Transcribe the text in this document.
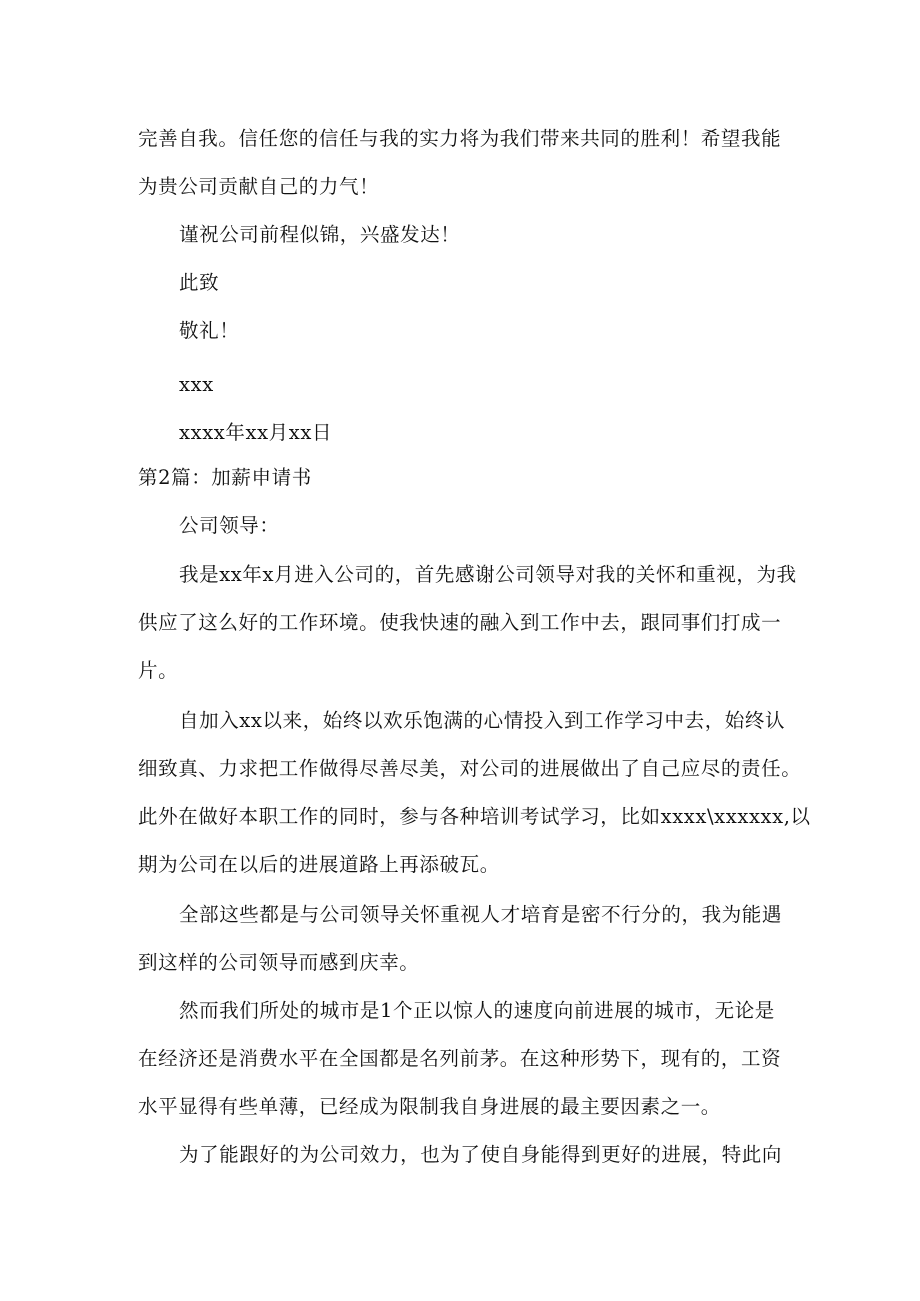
完善自我。信任您的信任与我的实力将为我们带来共同的胜利！希望我能
为贵公司贡献自己的力气！
谨祝公司前程似锦，兴盛发达！
此致
敬礼！
xxx
xxxx年xx月xx日
第2篇：加薪申请书
公司领导：
我是xx年x月进入公司的，首先感谢公司领导对我的关怀和重视，为我
供应了这么好的工作环境。使我快速的融入到工作中去，跟同事们打成一
片。
自加入xx以来，始终以欢乐饱满的心情投入到工作学习中去，始终认
细致真、力求把工作做得尽善尽美，对公司的进展做出了自己应尽的责任。
此外在做好本职工作的同时，参与各种培训考试学习，比如xxxx\xxxxxx,以
期为公司在以后的进展道路上再添破瓦。
全部这些都是与公司领导关怀重视人才培育是密不行分的，我为能遇
到这样的公司领导而感到庆幸。
然而我们所处的城市是1个正以惊人的速度向前进展的城市，无论是
在经济还是消费水平在全国都是名列前茅。在这种形势下，现有的，工资
水平显得有些单薄，已经成为限制我自身进展的最主要因素之一。
为了能跟好的为公司效力，也为了使自身能得到更好的进展，特此向
